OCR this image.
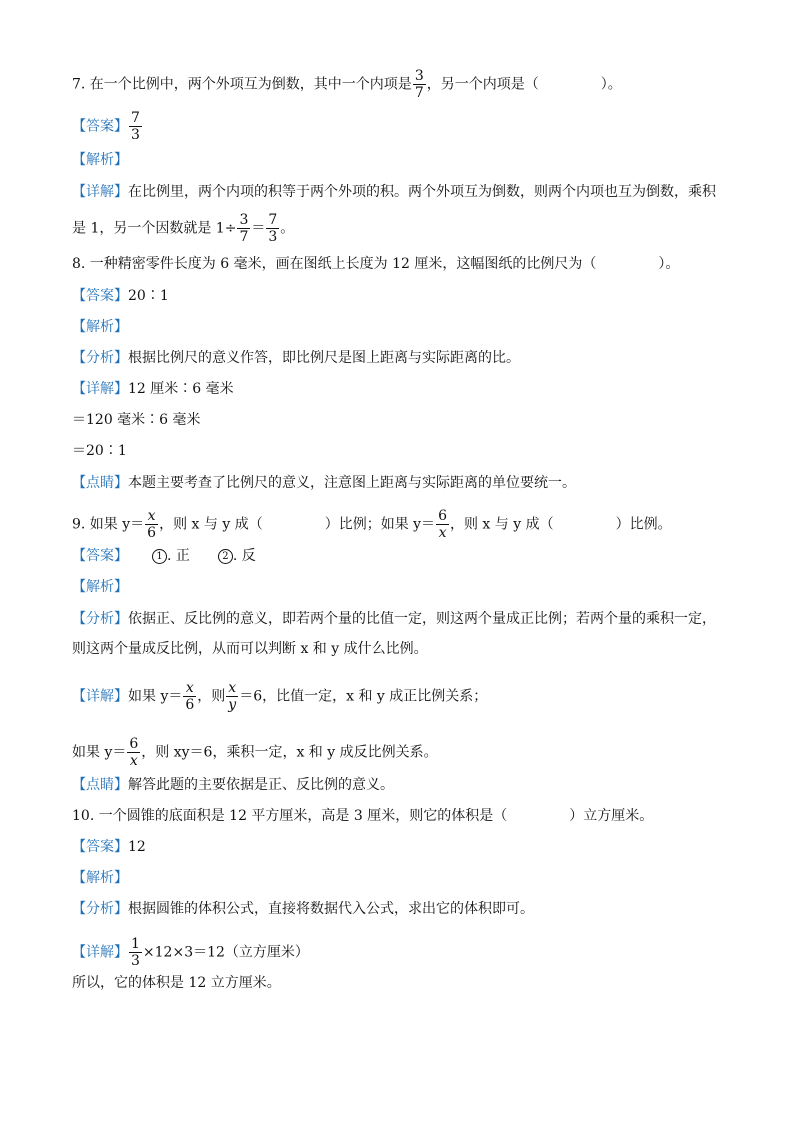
7. 在一个比例中，两个外项互为倒数，其中一个内项是 $\frac{3}{7}$ ，另一个内项是（	）。
【答案】 $\frac{7}{3}$
【解析】
【详解】在比例里，两个内项的积等于两个外项的积。两个外项互为倒数，则两个内项也互为倒数，乘积
是 1，另一个因数就是 $1\div \frac{3}{7} = \frac{7}{3}$ 。
8. 一种精密零件长度为 6 毫米，画在图纸上长度为 12 厘米，这幅图纸的比例尺为（	）。
【答案】20∶1
【解析】
【分析】根据比例尺的意义作答，即比例尺是图上距离与实际距离的比。
【详解】12 厘米∶6 毫米
＝120 毫米∶6 毫米
＝20∶1
【点睛】本题主要考查了比例尺的意义，注意图上距离与实际距离的单位要统一。
9. 如果 $y= \frac{x}{6}$ ，则 x 与 y 成（	）比例；如果 $y= \frac{6}{x}$ ，则 x 与 y 成（	）比例。
【答案】	1 . 正	2 . 反
【解析】
【分析】依据正、反比例的意义，即若两个量的比值一定，则这两个量成正比例；若两个量的乘积一定，
则这两个量成反比例，从而可以判断 x 和 y 成什么比例。
【详解】如果 $y= \frac{x}{6}$ ，则 $\frac{x}{y} =6$，比值一定，x 和 y 成正比例关系；
如果 $y= \frac{6}{x}$ ，则 xy＝6，乘积一定，x 和 y 成反比例关系。
【点睛】解答此题的主要依据是正、反比例的意义。
10. 一个圆锥的底面积是 12 平方厘米，高是 3 厘米，则它的体积是（	）立方厘米。
【答案】12
【解析】
【分析】根据圆锥的体积公式，直接将数据代入公式，求出它的体积即可。
【详解】 $\frac{1}{3} \times 12\times 3=12$（立方厘米）
所以，它的体积是 12 立方厘米。
